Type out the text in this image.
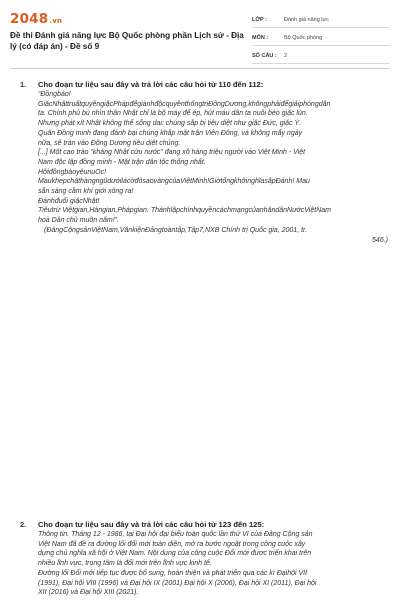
2048.vn
Đề thi Đánh giá năng lực Bộ Quốc phòng phần Lịch sử - Địa lý (có đáp án) - Đề số 9
LỚP :	Đánh giá năng lực
MÔN :	Bộ Quốc phòng
SỐ CÂU :	2
1. Cho đoạn tư liệu sau đây và trả lời các câu hỏi từ 110 đến 112:
“Đồngbào!
GiặcNhậttruấtquyềngiặcPhápđểgiànhđộcquyềnthốngtrịĐôngDương,khôngphảiđểgiảiphóngdân
ta. Chính phủ bù nhìn thân Nhật chỉ là bộ máy để ép, hút máu dân ta nuôi béo giặc lùn.
Nhưng phát xít Nhật không thể sống dai: chúng sắp bị tiêu diệt như giặc Đức, giặc Ý.
Quân Đồng minh đang đánh bại chúng khắp mặt trận Viễn Đông, và không mấy ngày
nữa, sẽ tràn vào Đông Dương tiêu diệt chúng.
[...] Một cao trào “kháng Nhật cứu nước” đang xô hàng triệu người vào Việt Minh - Việt
Nam độc lập đồng minh - Mặt trận dân tộc thống nhất.
HỡiđồngbàoyêunuOc!
MaukhepchặthàngngũdướilácờđỏsaovàngcủaViệtMinh!GiờtổngkhởinghĩasắpĐánh! Mau
sẵn sàng cầm khí giới xông ra!
Đánhđuổi giặcNhật!
Tiêutrừ Việtgian,Hàngian,Phápgian. ThànhlậpchínhquyềncáchmạngcủanhândânNướcViệtNam
hoà Dân chủ muôn năm!”.
(ĐảngCộngsảnViệtNam,VănkiệnĐảngtoàntập,Tập7,NXB Chính trị Quốc gia, 2001, tr.
546.)
2. Cho đoạn tư liệu sau đây và trả lời các câu hỏi từ 123 đến 125:
Thông tin. Tháng 12 - 1986, tại Đại hội đại biểu toàn quốc lần thứ VI của Đảng Cộng sản
Việt Nam đã đề ra đường lối đổi mới toàn diện, mở ra bước ngoặt trong công cuộc xây
dựng chủ nghĩa xã hội ở Việt Nam. Nội dung của công cuộc Đổi mới được triển khai trên
nhiều lĩnh vực, trọng tâm là đổi mới trên lĩnh vực kinh tế.
Đường lối Đổi mới tiếp tục được bổ sung, hoàn thiện và phát triển qua các kì Đạihội VII
(1991), Đại hội VIII (1996) và Đại hội IX (2001) Đại hội X (2006), Đại hội XI (2011), Đại hội
XII (2016) và Đại hội XIII (2021).
